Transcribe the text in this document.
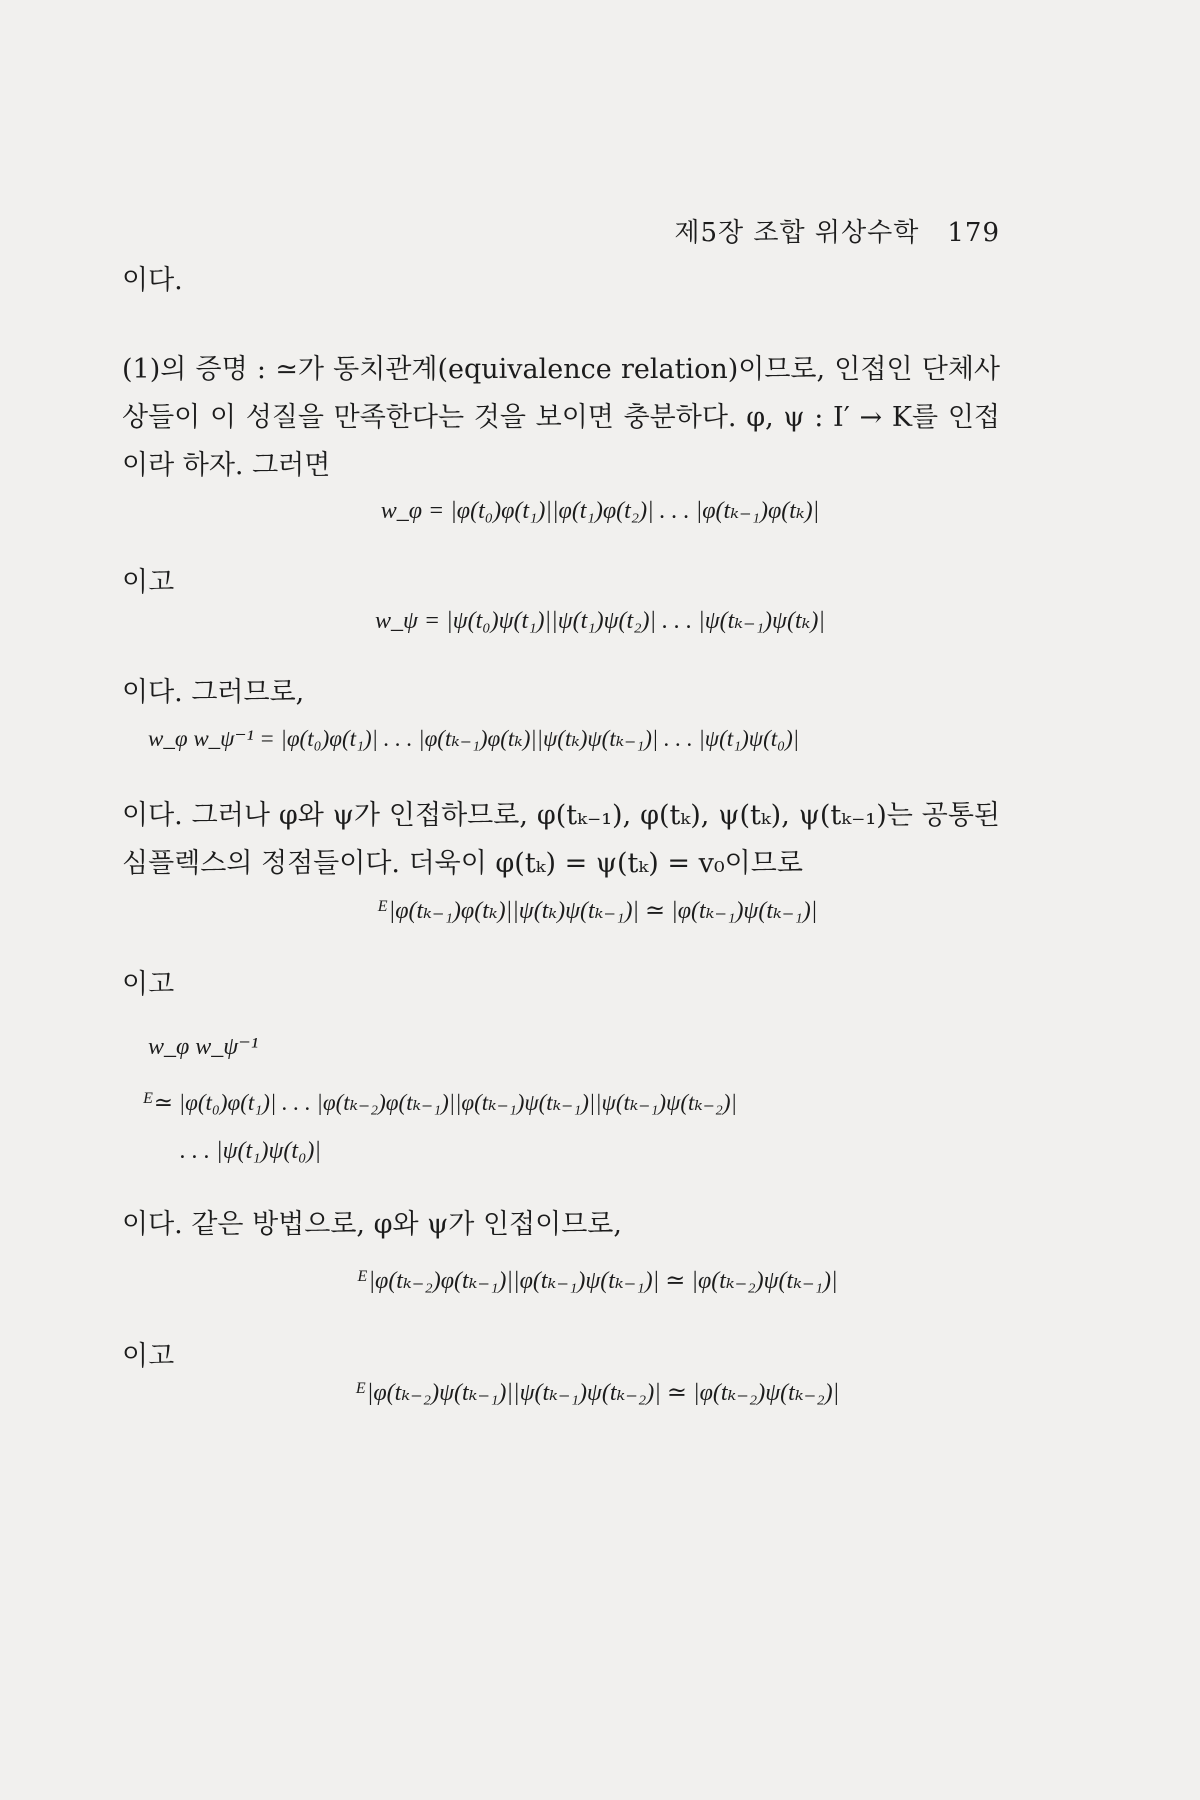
제5장 조합 위상수학 179
이다.
(1)의 증명 : ≃가 동치관계(equivalence relation)이므로, 인접인 단체사상들이 이 성질을 만족한다는 것을 보이면 충분하다. φ, ψ : I′ → K를 인접이라 하자. 그러면
w_φ = |φ(t₀)φ(t₁)||φ(t₁)φ(t₂)| . . . |φ(tₖ₋₁)φ(tₖ)|
이고
w_ψ = |ψ(t₀)ψ(t₁)||ψ(t₁)ψ(t₂)| . . . |ψ(tₖ₋₁)ψ(tₖ)|
이다. 그러므로,
w_φ w_ψ⁻¹ = |φ(t₀)φ(t₁)| . . . |φ(tₖ₋₁)φ(tₖ)||ψ(tₖ)ψ(tₖ₋₁)| . . . |ψ(t₁)ψ(t₀)|
이다. 그러나 φ와 ψ가 인접하므로, φ(tₖ₋₁), φ(tₖ), ψ(tₖ), ψ(tₖ₋₁)는 공통된 심플렉스의 정점들이다. 더욱이 φ(tₖ) = ψ(tₖ) = v₀이므로
E |φ(tₖ₋₁)φ(tₖ)||ψ(tₖ)ψ(tₖ₋₁)| ≃ |φ(tₖ₋₁)ψ(tₖ₋₁)|
이고
w_φ w_ψ⁻¹
E ≃ |φ(t₀)φ(t₁)| . . . |φ(tₖ₋₂)φ(tₖ₋₁)||φ(tₖ₋₁)ψ(tₖ₋₁)||ψ(tₖ₋₁)ψ(tₖ₋₂)|
. . . |ψ(t₁)ψ(t₀)|
이다. 같은 방법으로, φ와 ψ가 인접이므로,
E |φ(tₖ₋₂)φ(tₖ₋₁)||φ(tₖ₋₁)ψ(tₖ₋₁)| ≃ |φ(tₖ₋₂)ψ(tₖ₋₁)|
이고
E |φ(tₖ₋₂)ψ(tₖ₋₁)||ψ(tₖ₋₁)ψ(tₖ₋₂)| ≃ |φ(tₖ₋₂)ψ(tₖ₋₂)|
